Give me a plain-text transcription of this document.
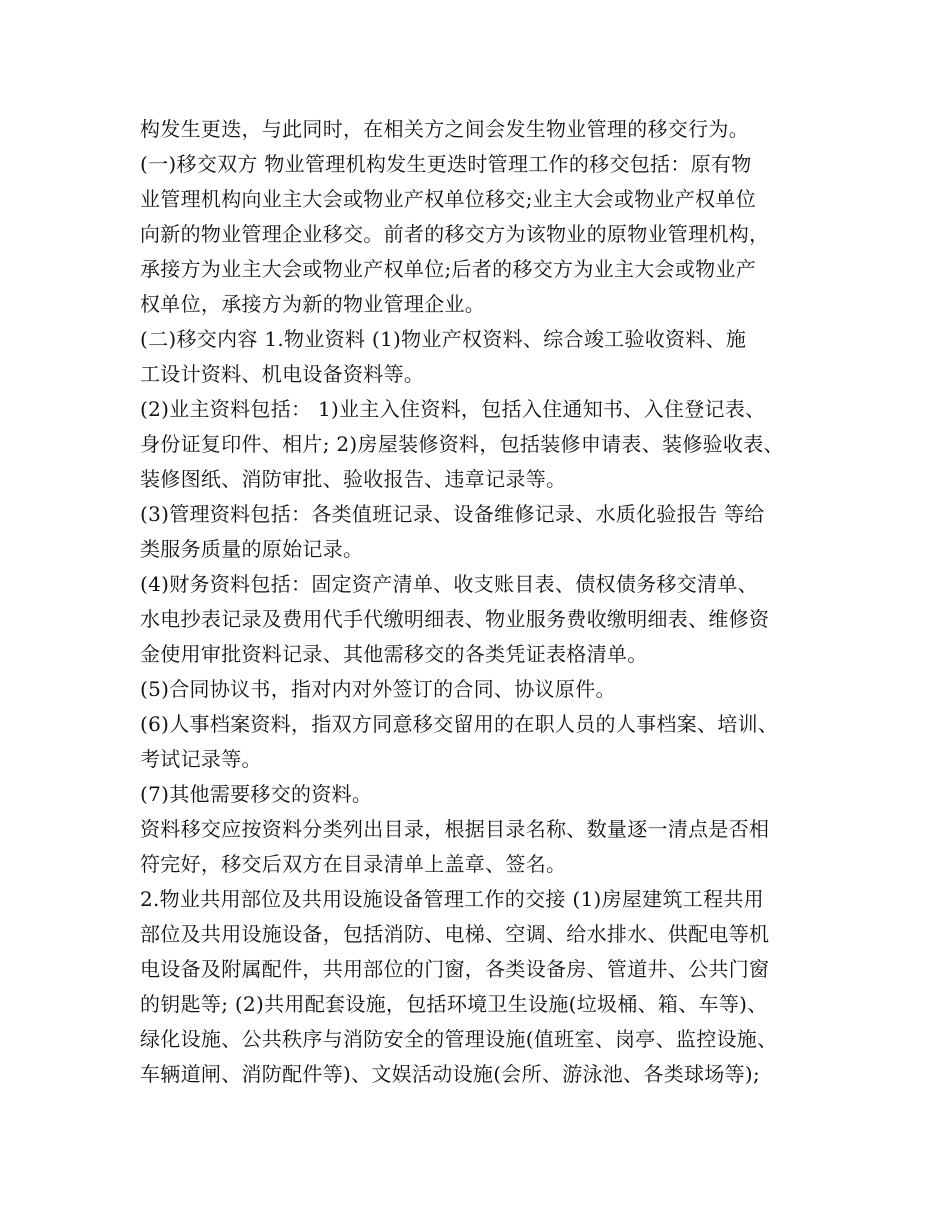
构发生更迭，与此同时，在相关方之间会发生物业管理的移交行为。
(一)移交双方 物业管理机构发生更迭时管理工作的移交包括：原有物
业管理机构向业主大会或物业产权单位移交;业主大会或物业产权单位
向新的物业管理企业移交。前者的移交方为该物业的原物业管理机构，
承接方为业主大会或物业产权单位;后者的移交方为业主大会或物业产
权单位，承接方为新的物业管理企业。
(二)移交内容 1.物业资料 (1)物业产权资料、综合竣工验收资料、施
工设计资料、机电设备资料等。
(2)业主资料包括： 1)业主入住资料，包括入住通知书、入住登记表、
身份证复印件、相片; 2)房屋装修资料，包括装修申请表、装修验收表、
装修图纸、消防审批、验收报告、违章记录等。
(3)管理资料包括：各类值班记录、设备维修记录、水质化验报告 等给
类服务质量的原始记录。
(4)财务资料包括：固定资产清单、收支账目表、债权债务移交清单、
水电抄表记录及费用代手代缴明细表、物业服务费收缴明细表、维修资
金使用审批资料记录、其他需移交的各类凭证表格清单。
(5)合同协议书，指对内对外签订的合同、协议原件。
(6)人事档案资料，指双方同意移交留用的在职人员的人事档案、培训、
考试记录等。
(7)其他需要移交的资料。
资料移交应按资料分类列出目录，根据目录名称、数量逐一清点是否相
符完好，移交后双方在目录清单上盖章、签名。
2.物业共用部位及共用设施设备管理工作的交接 (1)房屋建筑工程共用
部位及共用设施设备，包括消防、电梯、空调、给水排水、供配电等机
电设备及附属配件，共用部位的门窗，各类设备房、管道井、公共门窗
的钥匙等; (2)共用配套设施，包括环境卫生设施(垃圾桶、箱、车等)、
绿化设施、公共秩序与消防安全的管理设施(值班室、岗亭、监控设施、
车辆道闸、消防配件等)、文娱活动设施(会所、游泳池、各类球场等);
